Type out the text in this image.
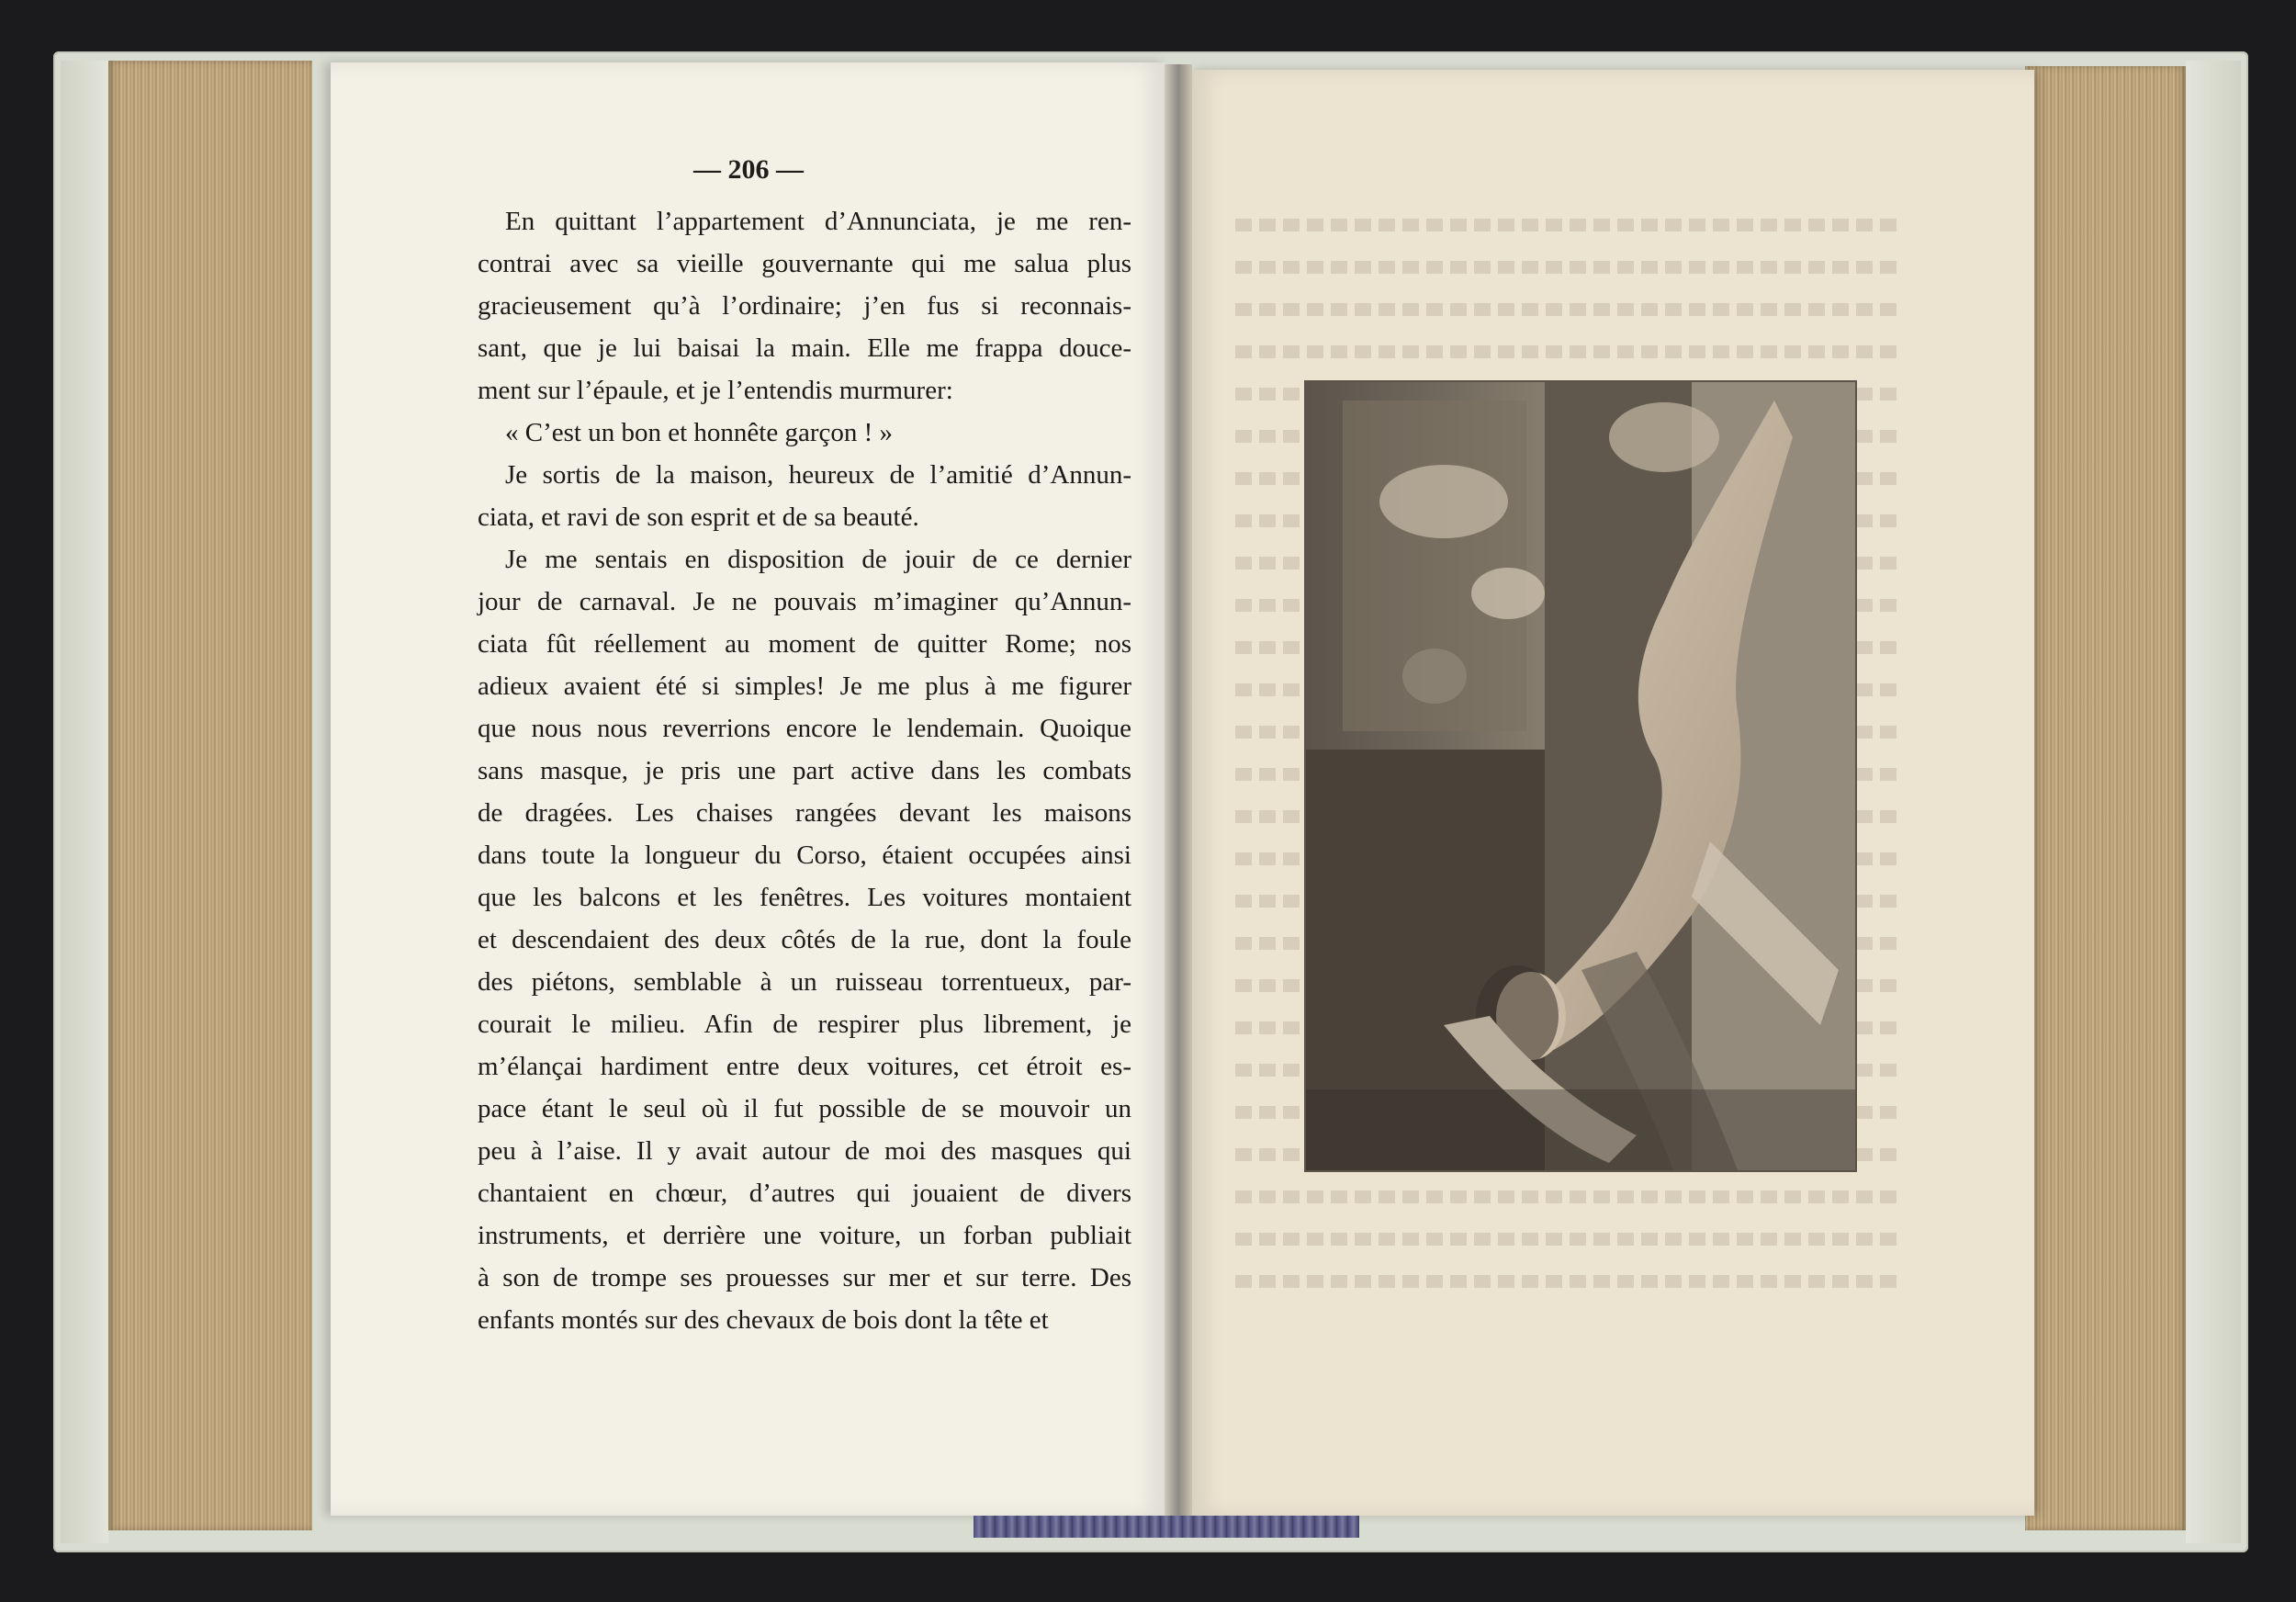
— 206 —
En quittant l’appartement d’Annunciata, je me ren-
contrai avec sa vieille gouvernante qui me salua plus
gracieusement qu’à l’ordinaire; j’en fus si reconnais-
sant, que je lui baisai la main. Elle me frappa douce-
ment sur l’épaule, et je l’entendis murmurer:
« C’est un bon et honnête garçon ! »
Je sortis de la maison, heureux de l’amitié d’Annun-
ciata, et ravi de son esprit et de sa beauté.
Je me sentais en disposition de jouir de ce dernier
jour de carnaval. Je ne pouvais m’imaginer qu’Annun-
ciata fût réellement au moment de quitter Rome; nos
adieux avaient été si simples! Je me plus à me figurer
que nous nous reverrions encore le lendemain. Quoique
sans masque, je pris une part active dans les combats
de dragées. Les chaises rangées devant les maisons
dans toute la longueur du Corso, étaient occupées ainsi
que les balcons et les fenêtres. Les voitures montaient
et descendaient des deux côtés de la rue, dont la foule
des piétons, semblable à un ruisseau torrentueux, par-
courait le milieu. Afin de respirer plus librement, je
m’élançai hardiment entre deux voitures, cet étroit es-
pace étant le seul où il fut possible de se mouvoir un
peu à l’aise. Il y avait autour de moi des masques qui
chantaient en chœur, d’autres qui jouaient de divers
instruments, et derrière une voiture, un forban publiait
à son de trompe ses prouesses sur mer et sur terre. Des
enfants montés sur des chevaux de bois dont la tête et
